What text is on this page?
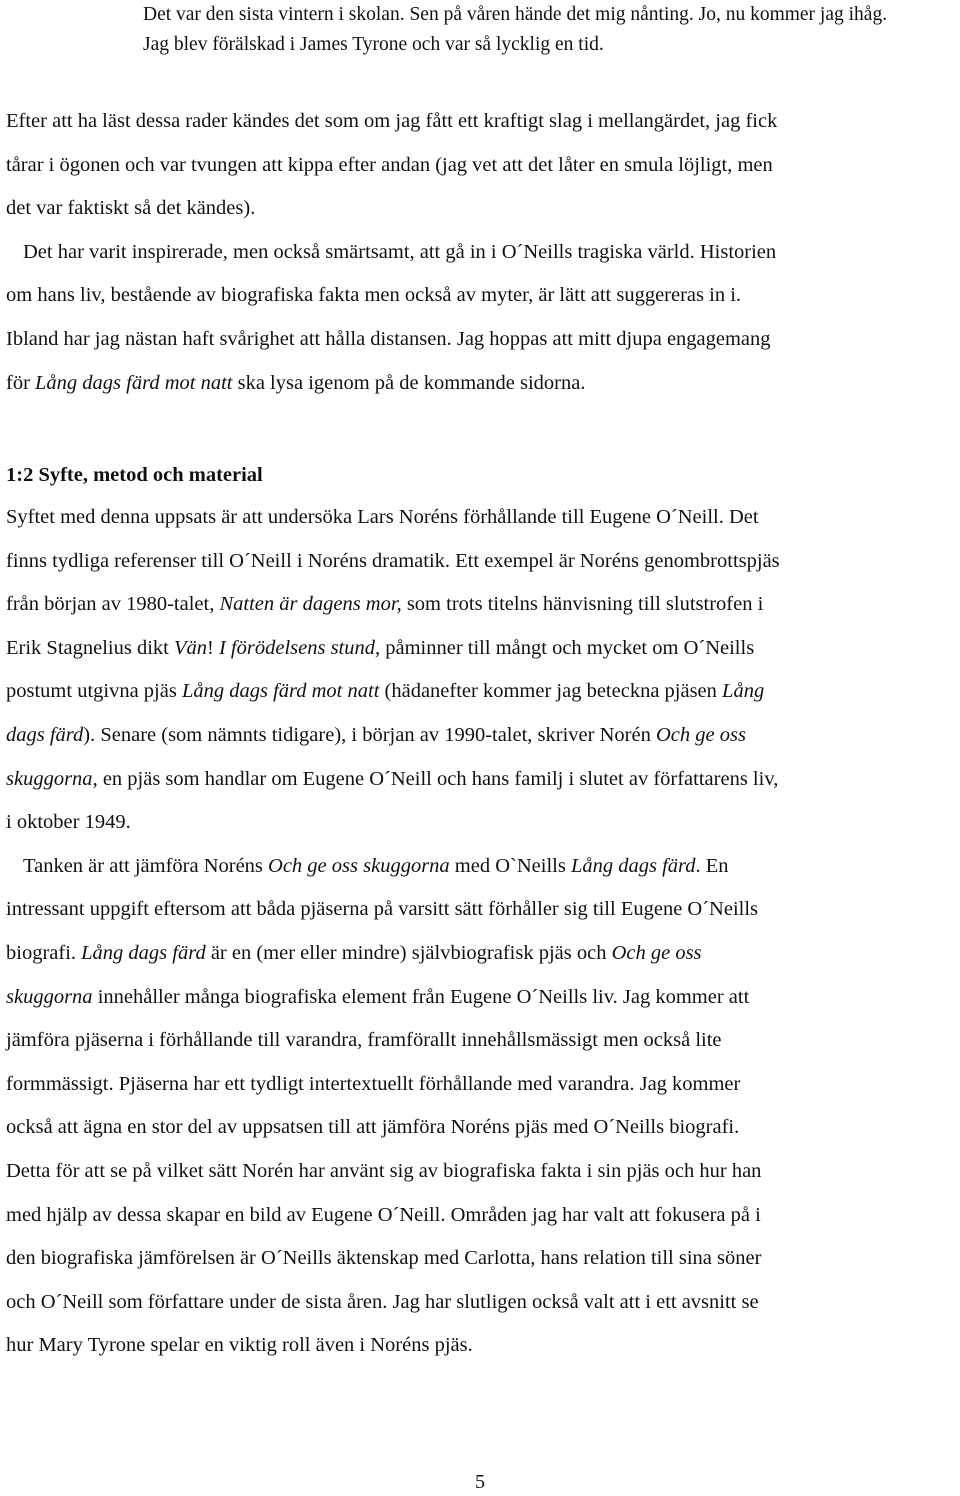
Det var den sista vintern i skolan. Sen på våren hände det mig nånting. Jo, nu kommer jag ihåg.
Jag blev förälskad i James Tyrone och var så lycklig en tid.
Efter att ha läst dessa rader kändes det som om jag fått ett kraftigt slag i mellangärdet, jag fick
tårar i ögonen och var tvungen att kippa efter andan (jag vet att det låter en smula löjligt, men
det var faktiskt så det kändes).
Det har varit inspirerade, men också smärtsamt, att gå in i O´Neills tragiska värld. Historien
om hans liv, bestående av biografiska fakta men också av myter, är lätt att suggereras in i.
Ibland har jag nästan haft svårighet att hålla distansen. Jag hoppas att mitt djupa engagemang
för Lång dags färd mot natt ska lysa igenom på de kommande sidorna.
1:2 Syfte, metod och material
Syftet med denna uppsats är att undersöka Lars Noréns förhållande till Eugene O´Neill. Det
finns tydliga referenser till O´Neill i Noréns dramatik. Ett exempel är Noréns genombrottspjäs
från början av 1980-talet, Natten är dagens mor, som trots titelns hänvisning till slutstrofen i
Erik Stagnelius dikt Vän! I förödelsens stund, påminner till mångt och mycket om O´Neills
postumt utgivna pjäs Lång dags färd mot natt (hädanefter kommer jag beteckna pjäsen Lång
dags färd). Senare (som nämnts tidigare), i början av 1990-talet, skriver Norén Och ge oss
skuggorna, en pjäs som handlar om Eugene O´Neill och hans familj i slutet av författarens liv,
i oktober 1949.
Tanken är att jämföra Noréns Och ge oss skuggorna med O`Neills Lång dags färd. En
intressant uppgift eftersom att båda pjäserna på varsitt sätt förhåller sig till Eugene O´Neills
biografi. Lång dags färd är en (mer eller mindre) självbiografisk pjäs och Och ge oss
skuggorna innehåller många biografiska element från Eugene O´Neills liv. Jag kommer att
jämföra pjäserna i förhållande till varandra, framförallt innehållsmässigt men också lite
formmässigt. Pjäserna har ett tydligt intertextuellt förhållande med varandra. Jag kommer
också att ägna en stor del av uppsatsen till att jämföra Noréns pjäs med O´Neills biografi.
Detta för att se på vilket sätt Norén har använt sig av biografiska fakta i sin pjäs och hur han
med hjälp av dessa skapar en bild av Eugene O´Neill. Områden jag har valt att fokusera på i
den biografiska jämförelsen är O´Neills äktenskap med Carlotta, hans relation till sina söner
och O´Neill som författare under de sista åren. Jag har slutligen också valt att i ett avsnitt se
hur Mary Tyrone spelar en viktig roll även i Noréns pjäs.
5
